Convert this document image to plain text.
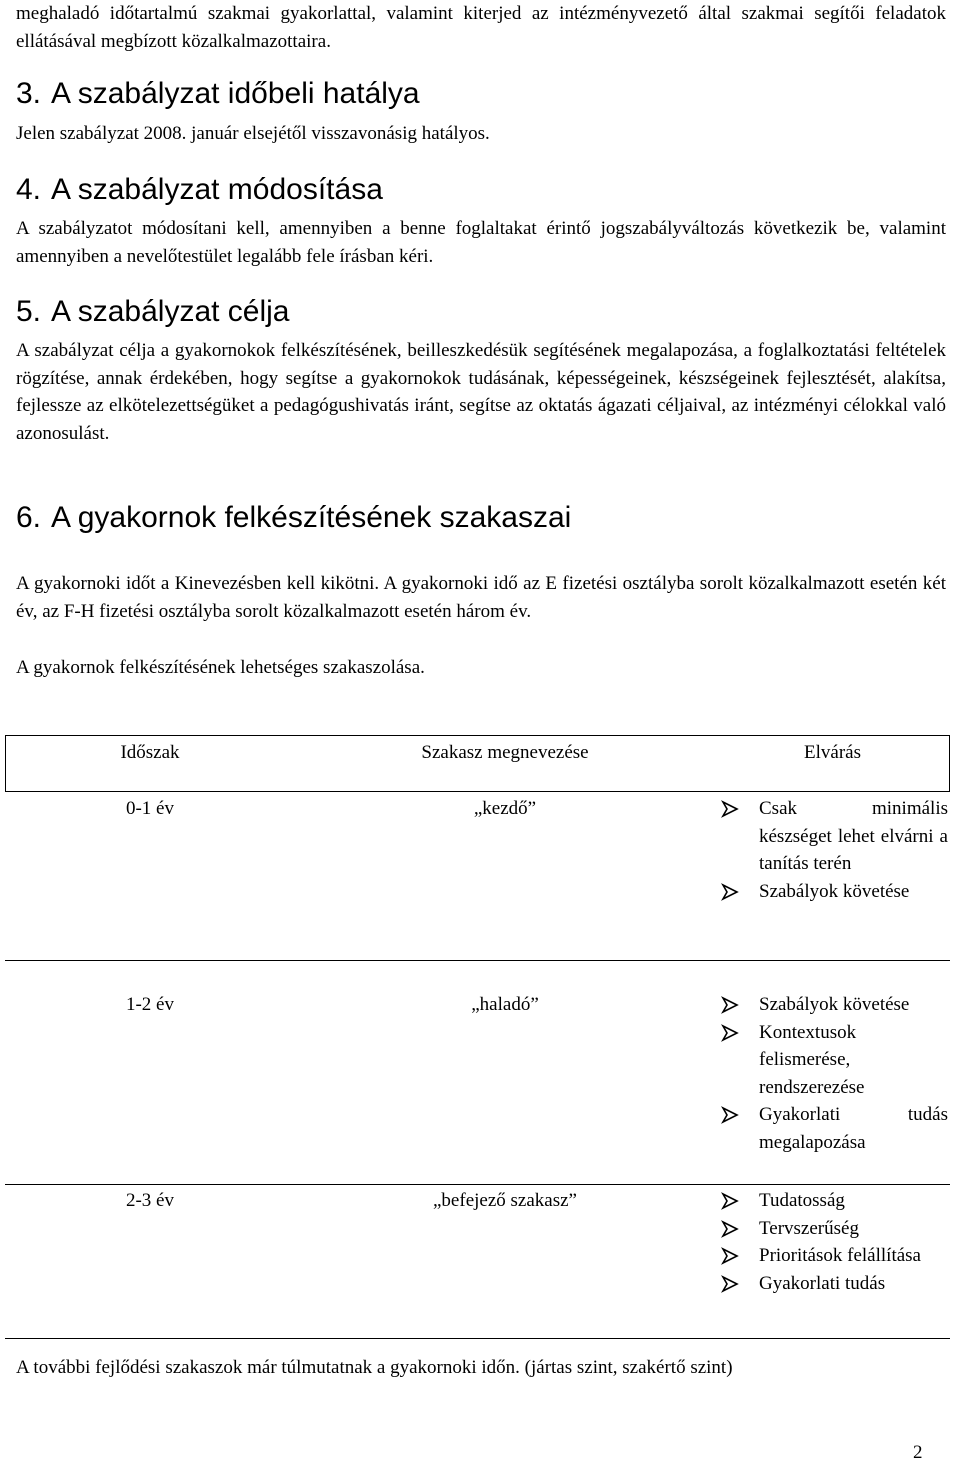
meghaladó időtartalmú szakmai gyakorlattal, valamint kiterjed az intézményvezető által szakmai segítői feladatok ellátásával megbízott közalkalmazottaira.

3. A szabályzat időbeli hatálya

Jelen szabályzat 2008. január elsejétől visszavonásig hatályos.

4. A szabályzat módosítása

A szabályzatot módosítani kell, amennyiben a benne foglaltakat érintő jogszabályváltozás következik be, valamint amennyiben a nevelőtestület legalább fele írásban kéri.

5. A szabályzat célja

A szabályzat célja a gyakornokok felkészítésének, beilleszkedésük segítésének megalapozása, a foglalkoztatási feltételek rögzítése, annak érdekében, hogy segítse a gyakornokok tudásának, képességeinek, készségeinek fejlesztését, alakítsa, fejlessze az elkötelezettségüket a pedagógushivatás iránt, segítse az oktatás ágazati céljaival, az intézményi célokkal való azonosulást.

6. A gyakornok felkészítésének szakaszai

A gyakornoki időt a Kinevezésben kell kikötni. A gyakornoki idő az E fizetési osztályba sorolt közalkalmazott esetén két év, az F-H fizetési osztályba sorolt közalkalmazott esetén három év.

A gyakornok felkészítésének lehetséges szakaszolása.

Időszak	Szakasz megnevezése	Elvárás
0-1 év	„kezdő”	Csak minimális készséget lehet elvárni a tanítás terén
Szabályok követése
1-2 év	„haladó”	Szabályok követése
Kontextusok felismerése, rendszerezése
Gyakorlati tudás megalapozása
2-3 év	„befejező szakasz”	Tudatosság
Tervszerűség
Prioritások felállítása
Gyakorlati tudás

A további fejlődési szakaszok már túlmutatnak a gyakornoki időn. (jártas szint, szakértő szint)

2
